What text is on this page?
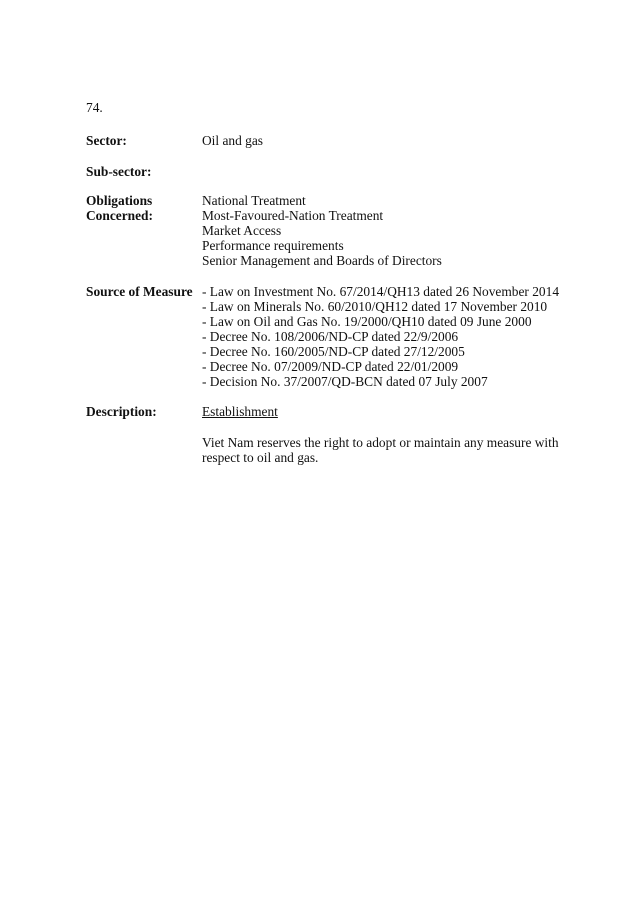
74.
Sector:	Oil and gas
Sub-sector:
Obligations
Concerned:
National Treatment
Most-Favoured-Nation Treatment
Market Access
Performance requirements
Senior Management and Boards of Directors
Source of Measure - Law on Investment No. 67/2014/QH13 dated 26 November 2014
- Law on Minerals No. 60/2010/QH12 dated 17 November 2010
- Law on Oil and Gas No. 19/2000/QH10 dated 09 June 2000
- Decree No. 108/2006/ND-CP dated 22/9/2006
- Decree No. 160/2005/ND-CP dated 27/12/2005
- Decree No. 07/2009/ND-CP dated 22/01/2009
- Decision No. 37/2007/QD-BCN dated 07 July 2007
Description:	Establishment
Viet Nam reserves the right to adopt or maintain any measure with respect to oil and gas.
